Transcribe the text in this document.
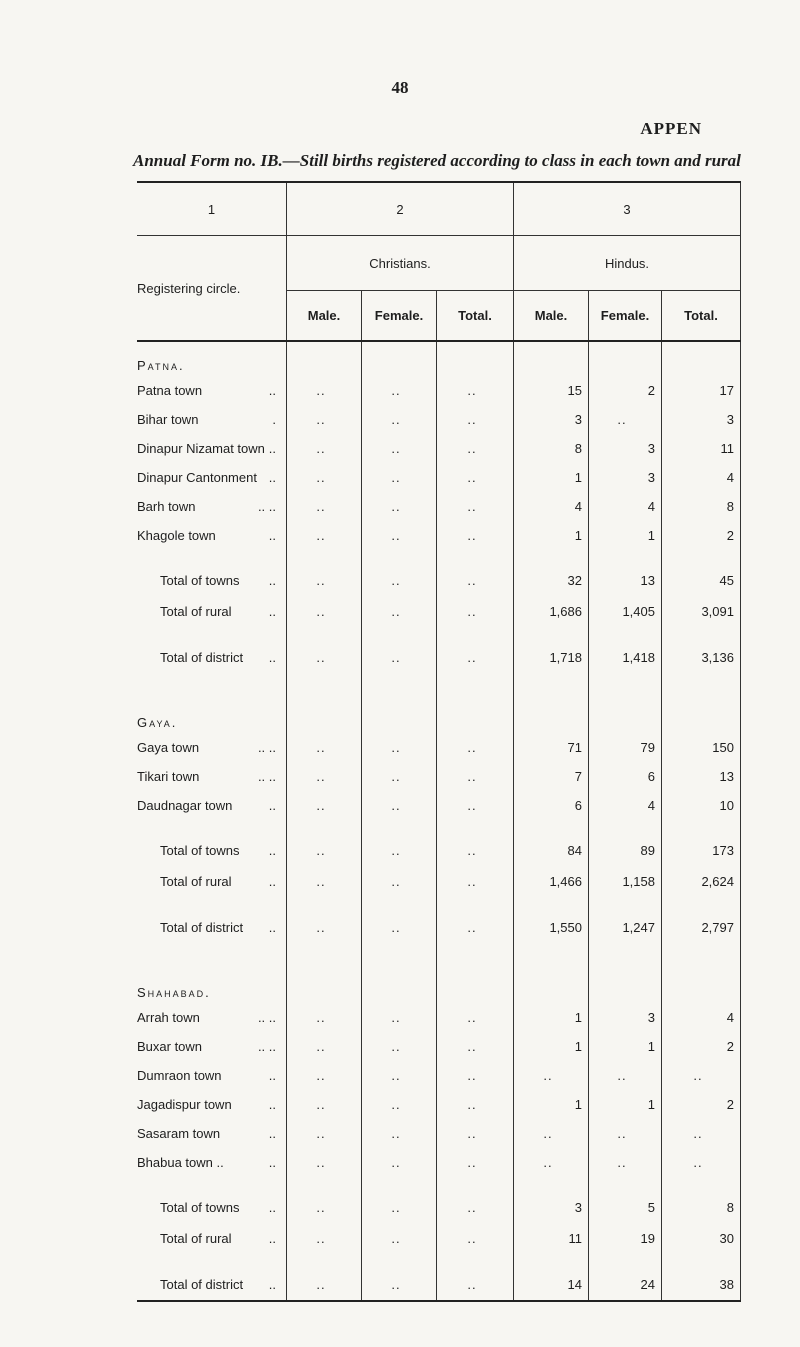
48
APPEN
Annual Form no. IB.—Still births registered according to class in each town and rural

1	2			3		
Registering circle.	Christians.			Hindus.		
	Male.	Female.	Total.	Male.	Female.	Total.
Patna.						
Patna town ..	..	..	..	15	2	17
Bihar town .	..	..	..	3	..	3
Dinapur Nizamat town ..	..	..	..	8	3	11
Dinapur Cantonment ..	..	..	..	1	3	4
Barh town .. ..	..	..	..	4	4	8
Khagole town ..	..	..	..	1	1	2

Total of towns ..	..	..	..	32	13	45
Total of rural ..	..	..	..	1,686	1,405	3,091

Total of district ..	..	..	..	1,718	1,418	3,136

Gaya.						
Gaya town .. ..	..	..	..	71	79	150
Tikari town .. ..	..	..	..	7	6	13
Daudnagar town ..	..	..	..	6	4	10

Total of towns ..	..	..	..	84	89	173
Total of rural ..	..	..	..	1,466	1,158	2,624

Total of district ..	..	..	..	1,550	1,247	2,797

Shahabad.						
Arrah town .. ..	..	..	..	1	3	4
Buxar town .. ..	..	..	..	1	1	2
Dumraon town ..	..	..	..	..	..	..
Jagadispur town ..	..	..	..	1	1	2
Sasaram town ..	..	..	..	..	..	..
Bhabua town .. ..	..	..	..	..	..	..

Total of towns ..	..	..	..	3	5	8
Total of rural ..	..	..	..	11	19	30

Total of district ..	..	..	..	14	24	38
